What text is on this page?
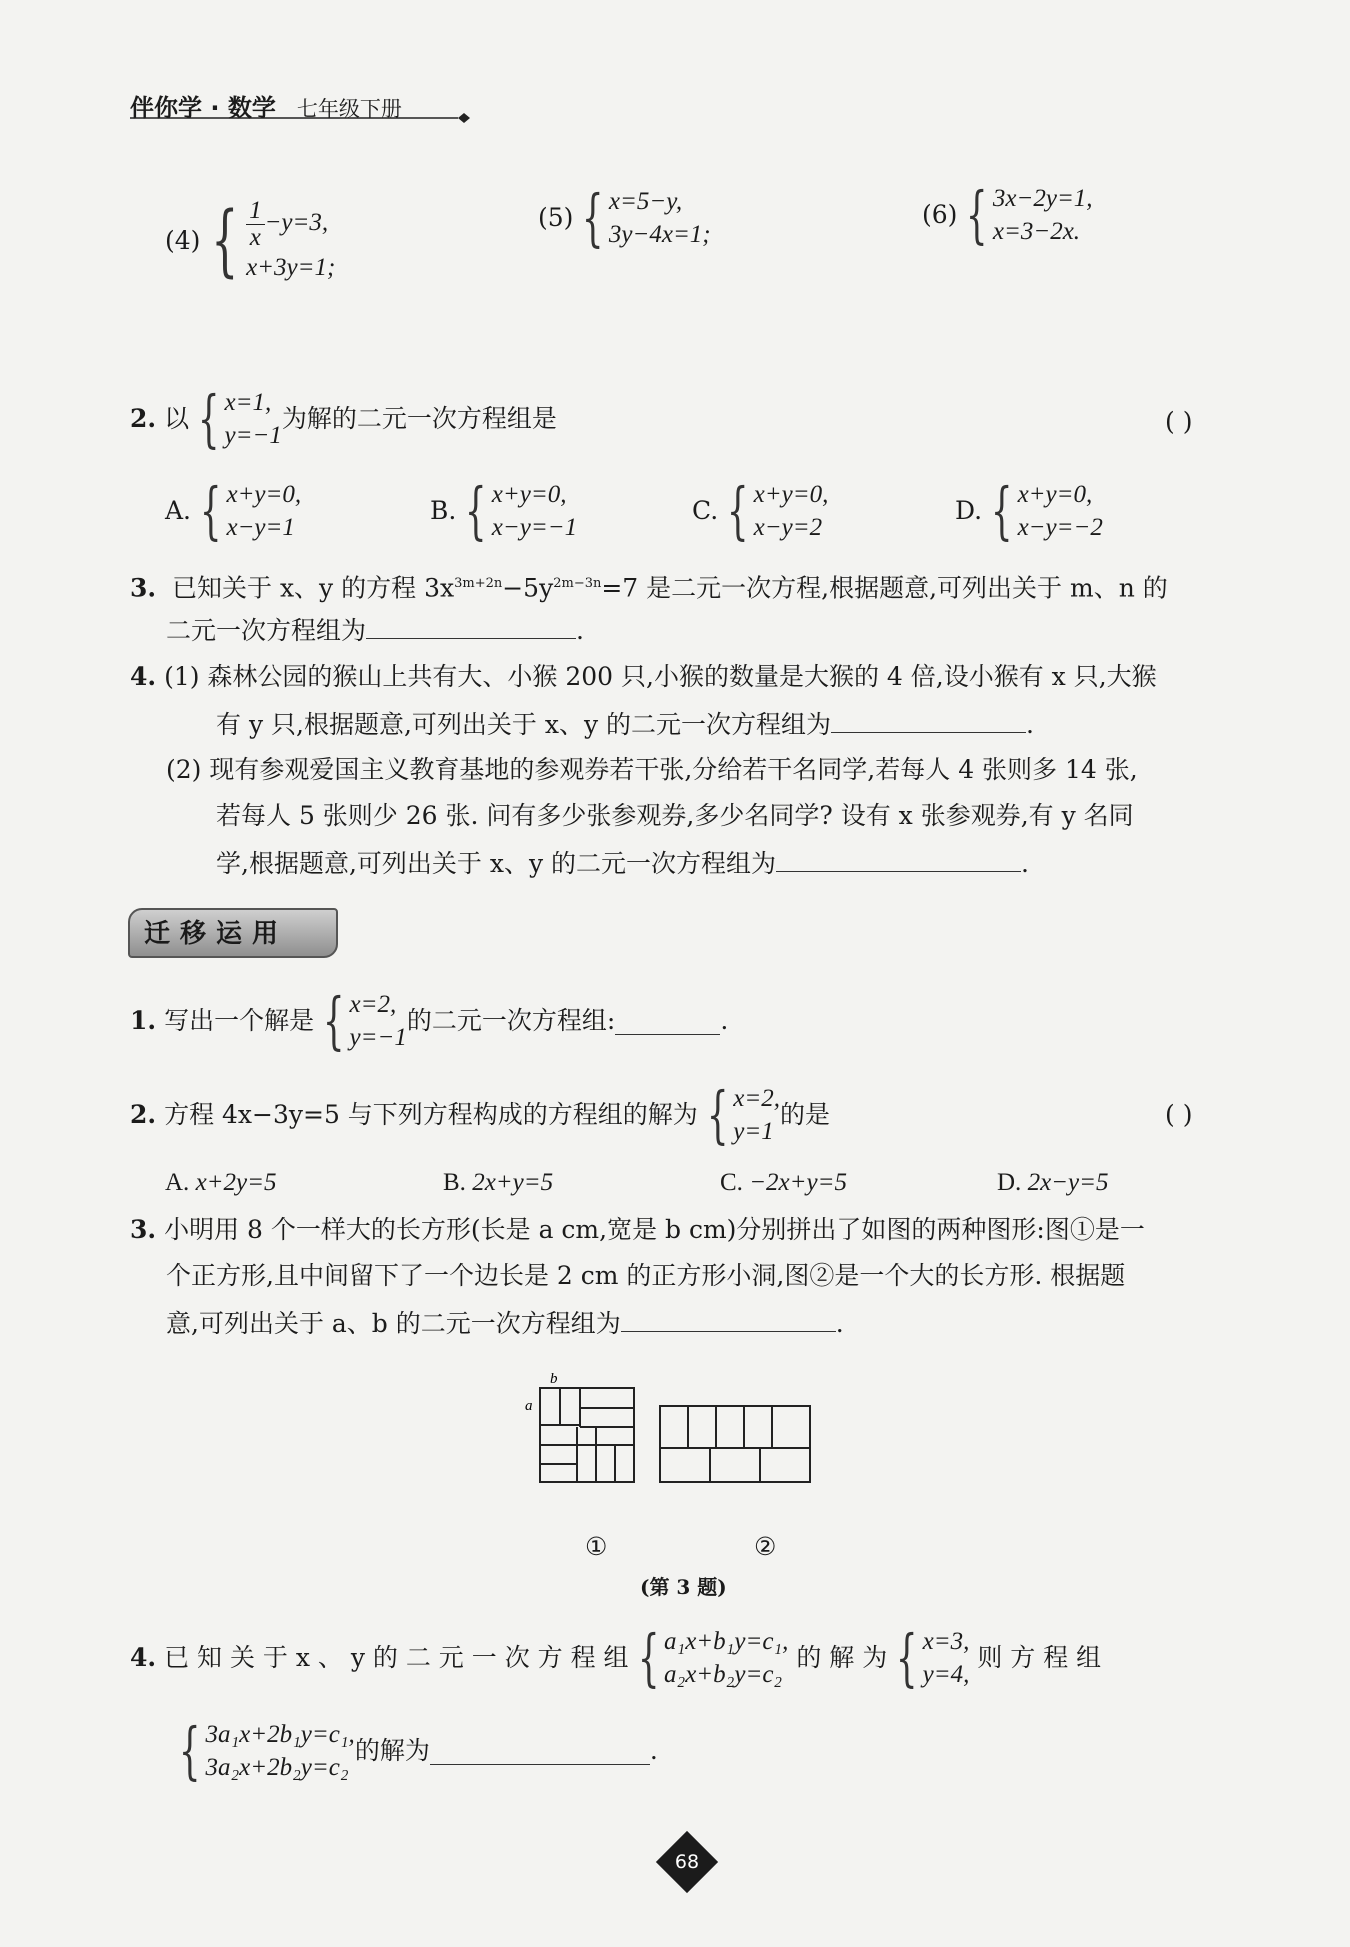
伴你学 · 数学 七年级下册
(4) { $\frac{1}{x} -y=3$,
x+3y=1;
(5) { x=5−y,
3y−4x=1;
(6) { 3x−2y=1,
x=3−2x.
2.
以 { x=1,
y=−1
为解的二元一次方程组是	( )
A. { x+y=0,
x−y=1
B. { x+y=0,
x−y=−1
C. { x+y=0,
x−y=2
D. { x+y=0,
x−y=−2
3. 已知关于 x、y 的方程 $3x^{3m+2n}-5y^{2m-3n}=7$ 是二元一次方程,根据题意,可列出关于 m、n 的
二元一次方程组为	.
4. (1) 森林公园的猴山上共有大、小猴 200 只,小猴的数量是大猴的 4 倍,设小猴有 x 只,大猴
有 y 只,根据题意,可列出关于 x、y 的二元一次方程组为	.
(2) 现有参观爱国主义教育基地的参观券若干张,分给若干名同学,若每人 4 张则多 14 张,
若每人 5 张则少 26 张. 问有多少张参观券,多少名同学? 设有 x 张参观券,有 y 名同
学,根据题意,可列出关于 x、y 的二元一次方程组为	.
迁移运用
1.
写出一个解是 { x=2,
y=−1
的二元一次方程组:	.
2.
方程 4x−3y=5 与下列方程构成的方程组的解为 { x=2,
y=1
的是	( )
A. x+2y=5	B. 2x+y=5	C. −2x+y=5	D. 2x−y=5
3. 小明用 8 个一样大的长方形(长是 a cm,宽是 b cm)分别拼出了如图的两种图形:图①是一
个正方形,且中间留下了一个边长是 2 cm 的正方形小洞,图②是一个大的长方形. 根据题
意,可列出关于 a、b 的二元一次方程组为	.
b
a
①	②
(第 3 题)
4.
已 知 关 于 x 、 y 的 二 元 一 次 方 程 组 { a₁x+b₁y=c₁,
a₂x+b₂y=c₂

的 解 为 { x=3,
y=4,

则 方 程 组
{ 3a₁x+2b₁y=c₁,
3a₂x+2b₂y=c₂
的解为	.
68
